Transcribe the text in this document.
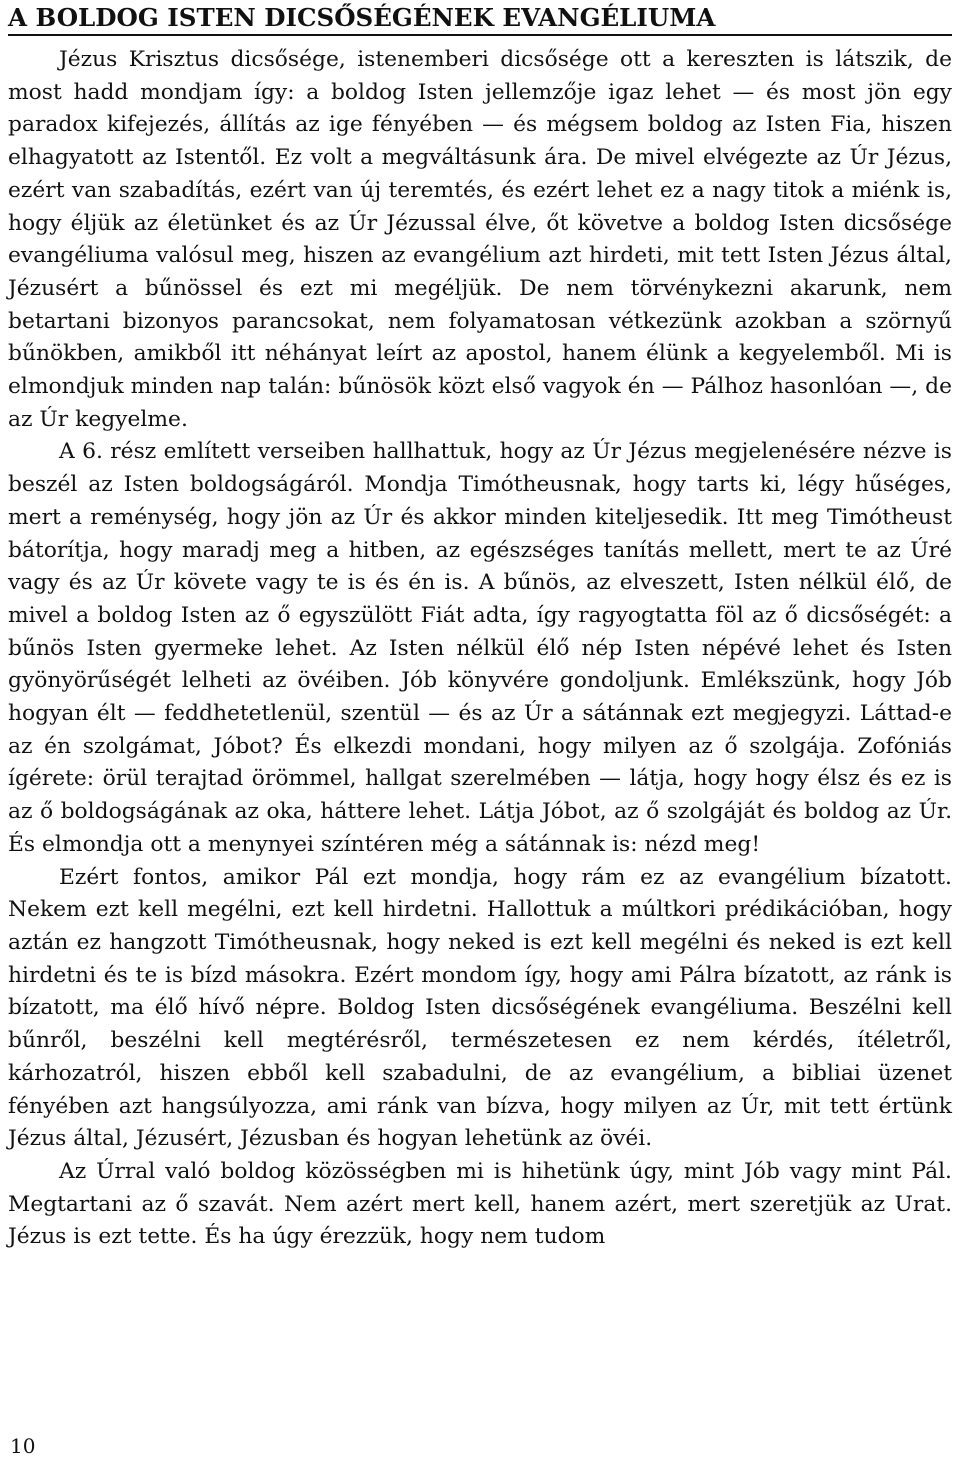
A BOLDOG ISTEN DICSŐSÉGÉNEK EVANGÉLIUMA

Jézus Krisztus dicsősége, istenemberi dicsősége ott a kereszten is látszik, de most hadd mondjam így: a boldog Isten jellemzője igaz lehet — és most jön egy paradox kifejezés, állítás az ige fényében — és mégsem boldog az Isten Fia, hiszen elhagyatott az Istentől. Ez volt a megváltásunk ára. De mivel elvégezte az Úr Jézus, ezért van szabadítás, ezért van új teremtés, és ezért lehet ez a nagy titok a miénk is, hogy éljük az életünket és az Úr Jézussal élve, őt követve a boldog Isten dicsősége evangéliuma valósul meg, hiszen az evangélium azt hirdeti, mit tett Isten Jézus által, Jézusért a bűnössel és ezt mi megéljük. De nem törvénykezni akarunk, nem betartani bizonyos parancsokat, nem folyamatosan vétkezünk azokban a szörnyű bűnökben, amikből itt néhányat leírt az apostol, hanem élünk a kegyelemből. Mi is elmondjuk minden nap talán: bűnösök közt első vagyok én — Pálhoz hasonlóan —, de az Úr kegyelme.

A 6. rész említett verseiben hallhattuk, hogy az Úr Jézus megjelenésére nézve is beszél az Isten boldogságáról. Mondja Timótheusnak, hogy tarts ki, légy hűséges, mert a reménység, hogy jön az Úr és akkor minden kiteljesedik. Itt meg Timótheust bátorítja, hogy maradj meg a hitben, az egészséges tanítás mellett, mert te az Úré vagy és az Úr követe vagy te is és én is. A bűnös, az elveszett, Isten nélkül élő, de mivel a boldog Isten az ő egyszülött Fiát adta, így ragyogtatta föl az ő dicsőségét: a bűnös Isten gyermeke lehet. Az Isten nélkül élő nép Isten népévé lehet és Isten gyönyörűségét lelheti az övéiben. Jób könyvére gondoljunk. Emlékszünk, hogy Jób hogyan élt — feddhetetlenül, szentül — és az Úr a sátánnak ezt megjegyzi. Láttad-e az én szolgámat, Jóbot? És elkezdi mondani, hogy milyen az ő szolgája. Zofóniás ígérete: örül terajtad örömmel, hallgat szerelmében — látja, hogy hogy élsz és ez is az ő boldogságának az oka, háttere lehet. Látja Jóbot, az ő szolgáját és boldog az Úr. És elmondja ott a menynyei színtéren még a sátánnak is: nézd meg!

Ezért fontos, amikor Pál ezt mondja, hogy rám ez az evangélium bízatott. Nekem ezt kell megélni, ezt kell hirdetni. Hallottuk a múltkori prédikációban, hogy aztán ez hangzott Timótheusnak, hogy neked is ezt kell megélni és neked is ezt kell hirdetni és te is bízd másokra. Ezért mondom így, hogy ami Pálra bízatott, az ránk is bízatott, ma élő hívő népre. Boldog Isten dicsőségének evangéliuma. Beszélni kell bűnről, beszélni kell megtérésről, természetesen ez nem kérdés, ítéletről, kárhozatról, hiszen ebből kell szabadulni, de az evangélium, a bibliai üzenet fényében azt hangsúlyozza, ami ránk van bízva, hogy milyen az Úr, mit tett értünk Jézus által, Jézusért, Jézusban és hogyan lehetünk az övéi.

Az Úrral való boldog közösségben mi is hihetünk úgy, mint Jób vagy mint Pál. Megtartani az ő szavát. Nem azért mert kell, hanem azért, mert szeretjük az Urat. Jézus is ezt tette. És ha úgy érezzük, hogy nem tudom

10
